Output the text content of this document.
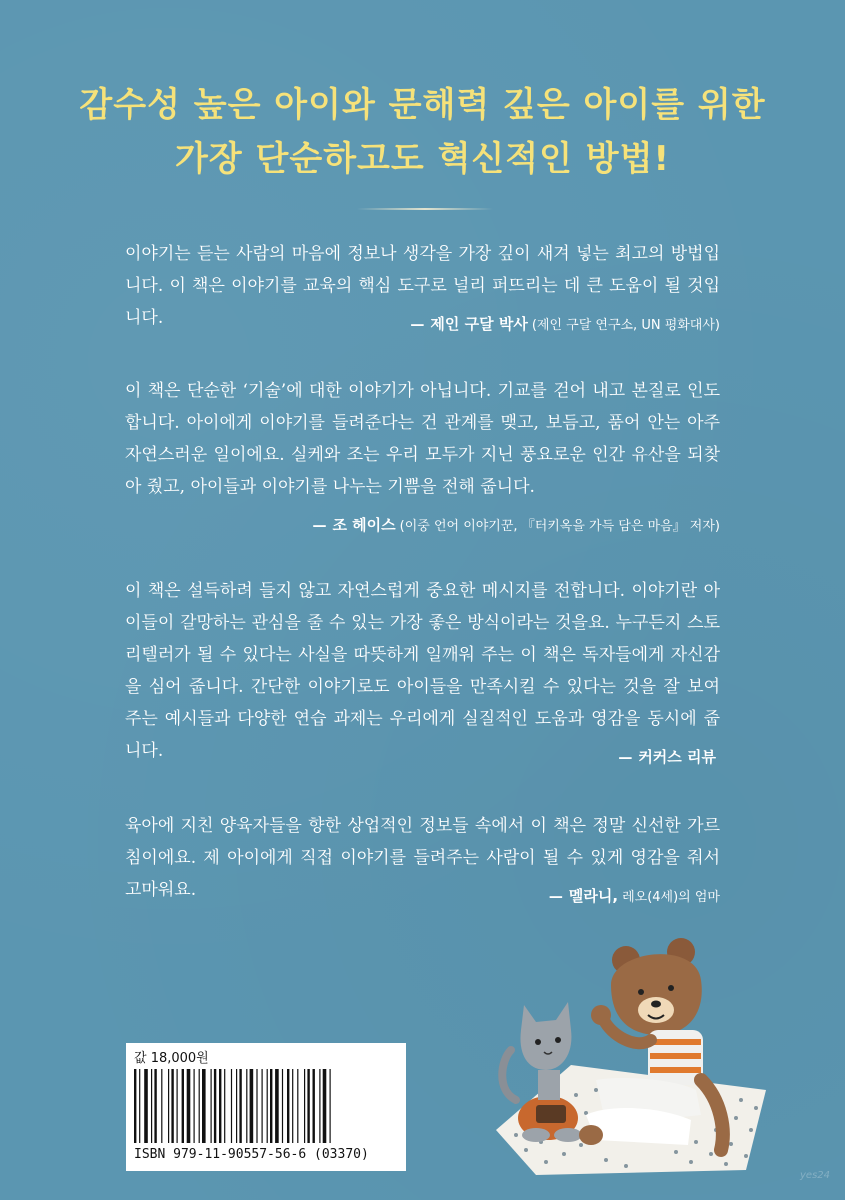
감수성 높은 아이와 문해력 깊은 아이를 위한
가장 단순하고도 혁신적인 방법!

이야기는 듣는 사람의 마음에 정보나 생각을 가장 깊이 새겨 넣는 최고의 방법입니다. 이 책은 이야기를 교육의 핵심 도구로 널리 퍼뜨리는 데 큰 도움이 될 것입니다.	— 제인 구달 박사 (제인 구달 연구소, UN 평화대사)

이 책은 단순한 ‘기술’에 대한 이야기가 아닙니다. 기교를 걷어 내고 본질로 인도합니다. 아이에게 이야기를 들려준다는 건 관계를 맺고, 보듬고, 품어 안는 아주 자연스러운 일이에요. 실케와 조는 우리 모두가 지닌 풍요로운 인간 유산을 되찾아 줬고, 아이들과 이야기를 나누는 기쁨을 전해 줍니다.

— 조 헤이스 (이중 언어 이야기꾼, 『터키옥을 가득 담은 마음』 저자)

이 책은 설득하려 들지 않고 자연스럽게 중요한 메시지를 전합니다. 이야기란 아이들이 갈망하는 관심을 줄 수 있는 가장 좋은 방식이라는 것을요. 누구든지 스토리텔러가 될 수 있다는 사실을 따뜻하게 일깨워 주는 이 책은 독자들에게 자신감을 심어 줍니다. 간단한 이야기로도 아이들을 만족시킬 수 있다는 것을 잘 보여 주는 예시들과 다양한 연습 과제는 우리에게 실질적인 도움과 영감을 동시에 줍니다.	— 커커스 리뷰

육아에 지친 양육자들을 향한 상업적인 정보들 속에서 이 책은 정말 신선한 가르침이에요. 제 아이에게 직접 이야기를 들려주는 사람이 될 수 있게 영감을 줘서 고마워요.	— 멜라니, 레오(4세)의 엄마
값 18,000원
ISBN 979-11-90557-56-6 (03370)
yes24
